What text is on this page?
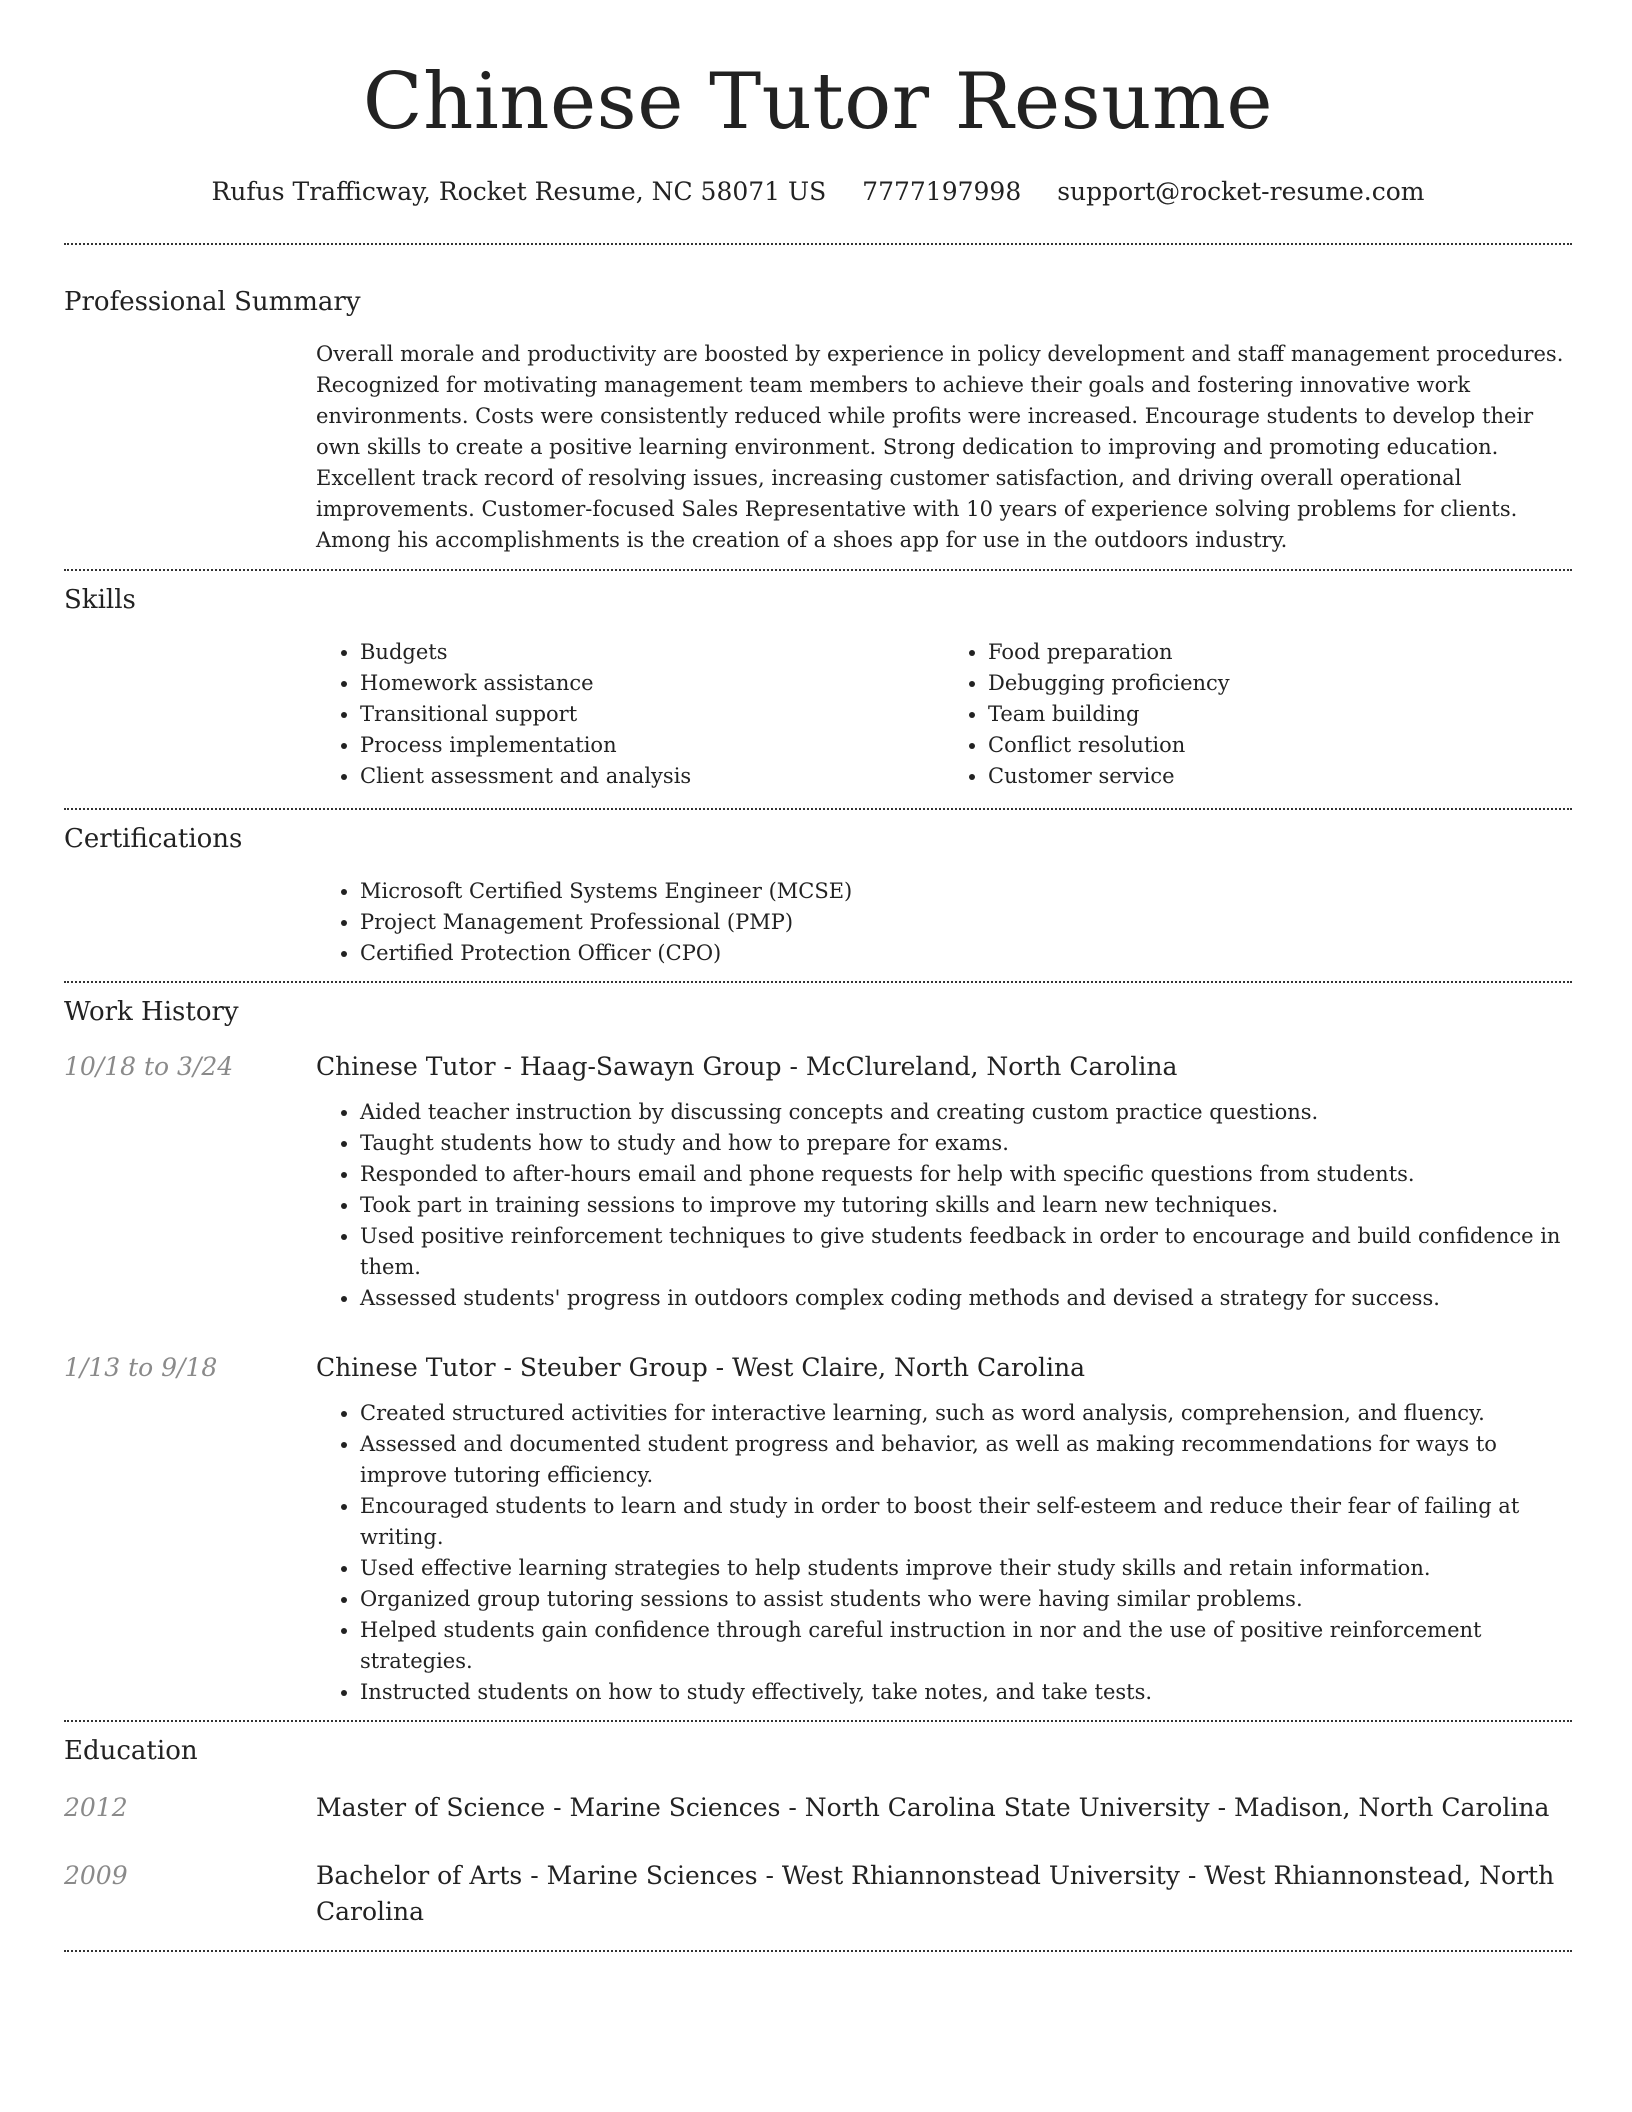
Chinese Tutor Resume
Rufus Trafficway, Rocket Resume, NC 58071 US 7777197998 support@rocket-resume.com
Professional Summary

Overall morale and productivity are boosted by experience in policy development and staff management procedures. Recognized for motivating management team members to achieve their goals and fostering innovative work environments. Costs were consistently reduced while profits were increased. Encourage students to develop their own skills to create a positive learning environment. Strong dedication to improving and promoting education. Excellent track record of resolving issues, increasing customer satisfaction, and driving overall operational improvements. Customer-focused Sales Representative with 10 years of experience solving problems for clients. Among his accomplishments is the creation of a shoes app for use in the outdoors industry.

Skills
• Budgets
• Homework assistance
• Transitional support
• Process implementation
• Client assessment and analysis
• Food preparation
• Debugging proficiency
• Team building
• Conflict resolution
• Customer service
Certifications
• Microsoft Certified Systems Engineer (MCSE)
• Project Management Professional (PMP)
• Certified Protection Officer (CPO)
Work History
10/18 to 3/24	Chinese Tutor - Haag-Sawayn Group - McClureland, North Carolina
• Aided teacher instruction by discussing concepts and creating custom practice questions.
• Taught students how to study and how to prepare for exams.
• Responded to after-hours email and phone requests for help with specific questions from students.
• Took part in training sessions to improve my tutoring skills and learn new techniques.
• Used positive reinforcement techniques to give students feedback in order to encourage and build confidence in them.
• Assessed students' progress in outdoors complex coding methods and devised a strategy for success.
1/13 to 9/18	Chinese Tutor - Steuber Group - West Claire, North Carolina
• Created structured activities for interactive learning, such as word analysis, comprehension, and fluency.
• Assessed and documented student progress and behavior, as well as making recommendations for ways to improve tutoring efficiency.
• Encouraged students to learn and study in order to boost their self-esteem and reduce their fear of failing at writing.
• Used effective learning strategies to help students improve their study skills and retain information.
• Organized group tutoring sessions to assist students who were having similar problems.
• Helped students gain confidence through careful instruction in nor and the use of positive reinforcement strategies.
• Instructed students on how to study effectively, take notes, and take tests.
Education
2012	Master of Science - Marine Sciences - North Carolina State University - Madison, North Carolina
2009	Bachelor of Arts - Marine Sciences - West Rhiannonstead University - West Rhiannonstead, North Carolina
